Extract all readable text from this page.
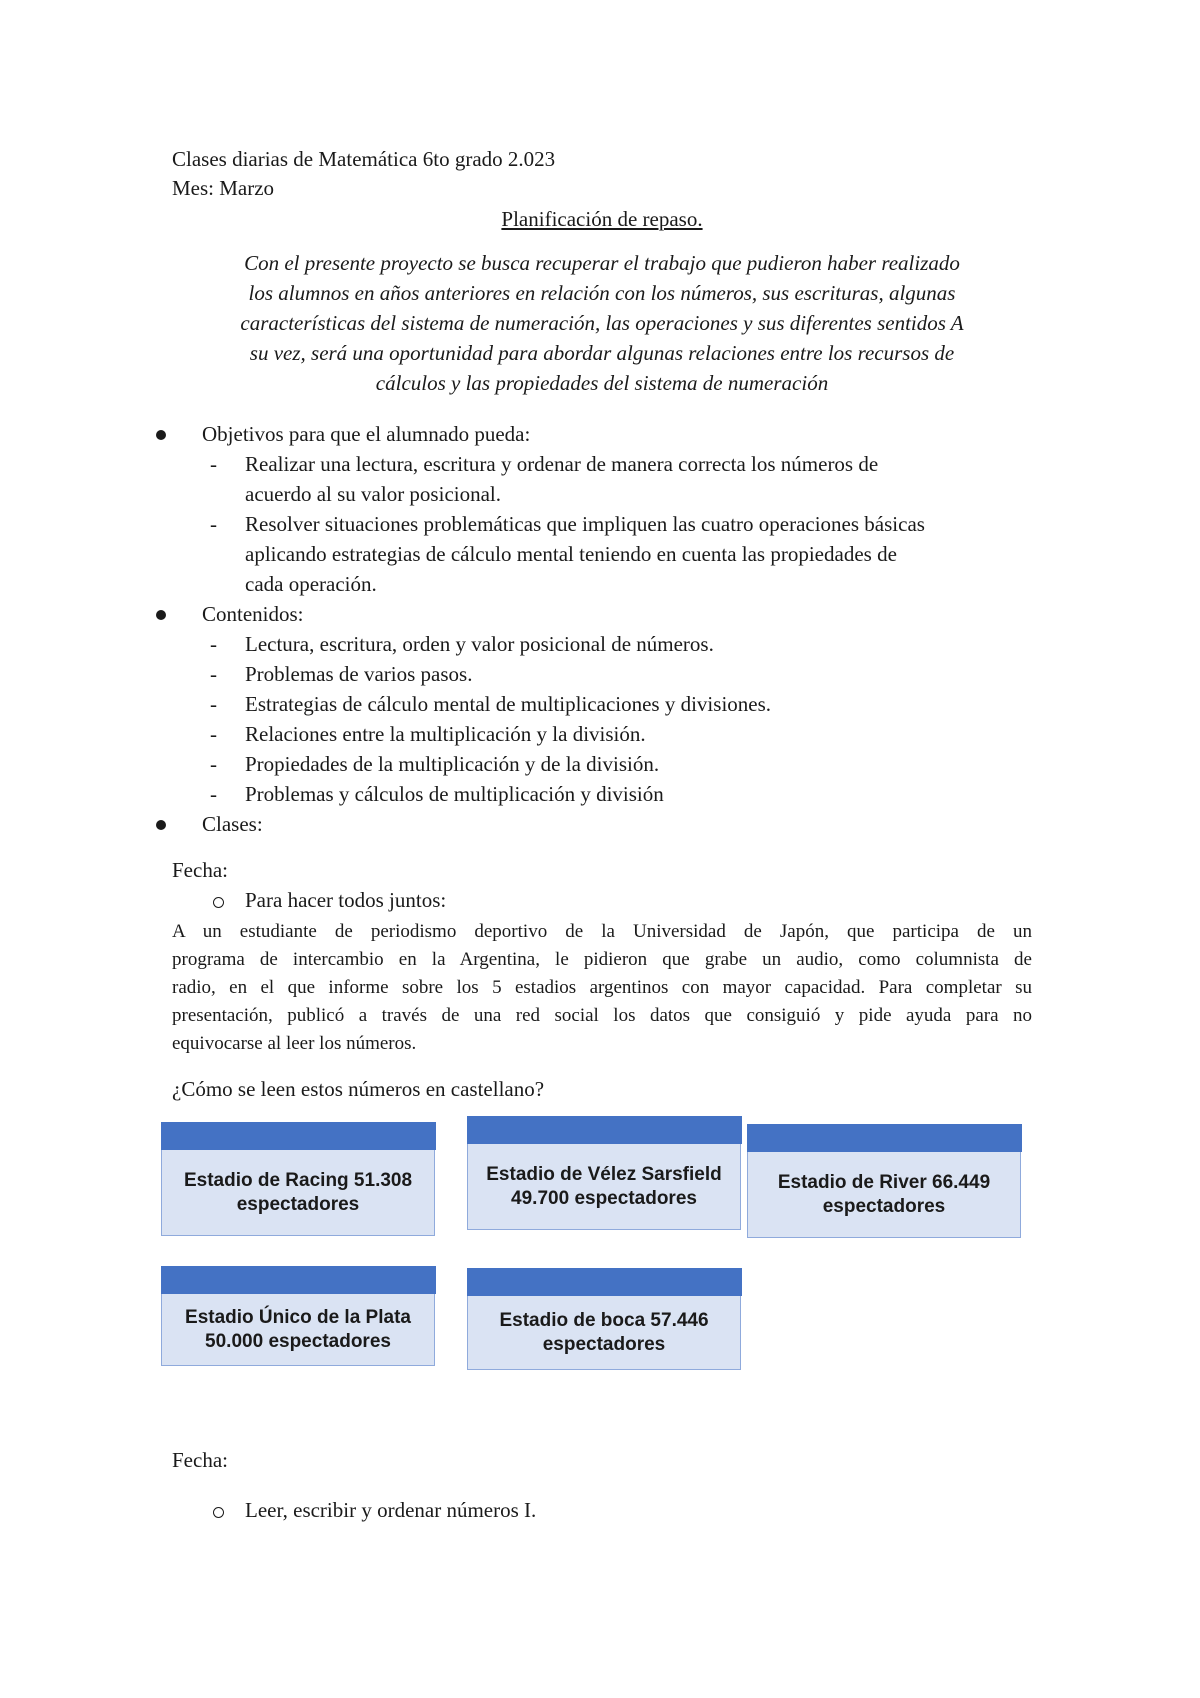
Clases diarias de Matemática 6to grado 2.023
Mes: Marzo
Planificación de repaso.
Con el presente proyecto se busca recuperar el trabajo que pudieron haber realizado
los alumnos en años anteriores en relación con los números, sus escrituras, algunas
características del sistema de numeración, las operaciones y sus diferentes sentidos A
su vez, será una oportunidad para abordar algunas relaciones entre los recursos de
cálculos y las propiedades del sistema de numeración
Objetivos para que el alumnado pueda:
- Realizar una lectura, escritura y ordenar de manera correcta los números de
acuerdo al su valor posicional.
- Resolver situaciones problemáticas que impliquen las cuatro operaciones básicas
aplicando estrategias de cálculo mental teniendo en cuenta las propiedades de
cada operación.
Contenidos:
- Lectura, escritura, orden y valor posicional de números.
- Problemas de varios pasos.
- Estrategias de cálculo mental de multiplicaciones y divisiones.
- Relaciones entre la multiplicación y la división.
- Propiedades de la multiplicación y de la división.
- Problemas y cálculos de multiplicación y división
Clases:
Fecha:
Para hacer todos juntos:
A un estudiante de periodismo deportivo de la Universidad de Japón, que participa de un
programa de intercambio en la Argentina, le pidieron que grabe un audio, como columnista de
radio, en el que informe sobre los 5 estadios argentinos con mayor capacidad. Para completar su
presentación, publicó a través de una red social los datos que consiguió y pide ayuda para no
equivocarse al leer los números.
¿Cómo se leen estos números en castellano?
Estadio de Racing 51.308 espectadores
Estadio de Vélez Sarsfield 49.700 espectadores
Estadio de River 66.449 espectadores
Estadio Único de la Plata 50.000 espectadores
Estadio de boca 57.446 espectadores
Fecha:
Leer, escribir y ordenar números I.
